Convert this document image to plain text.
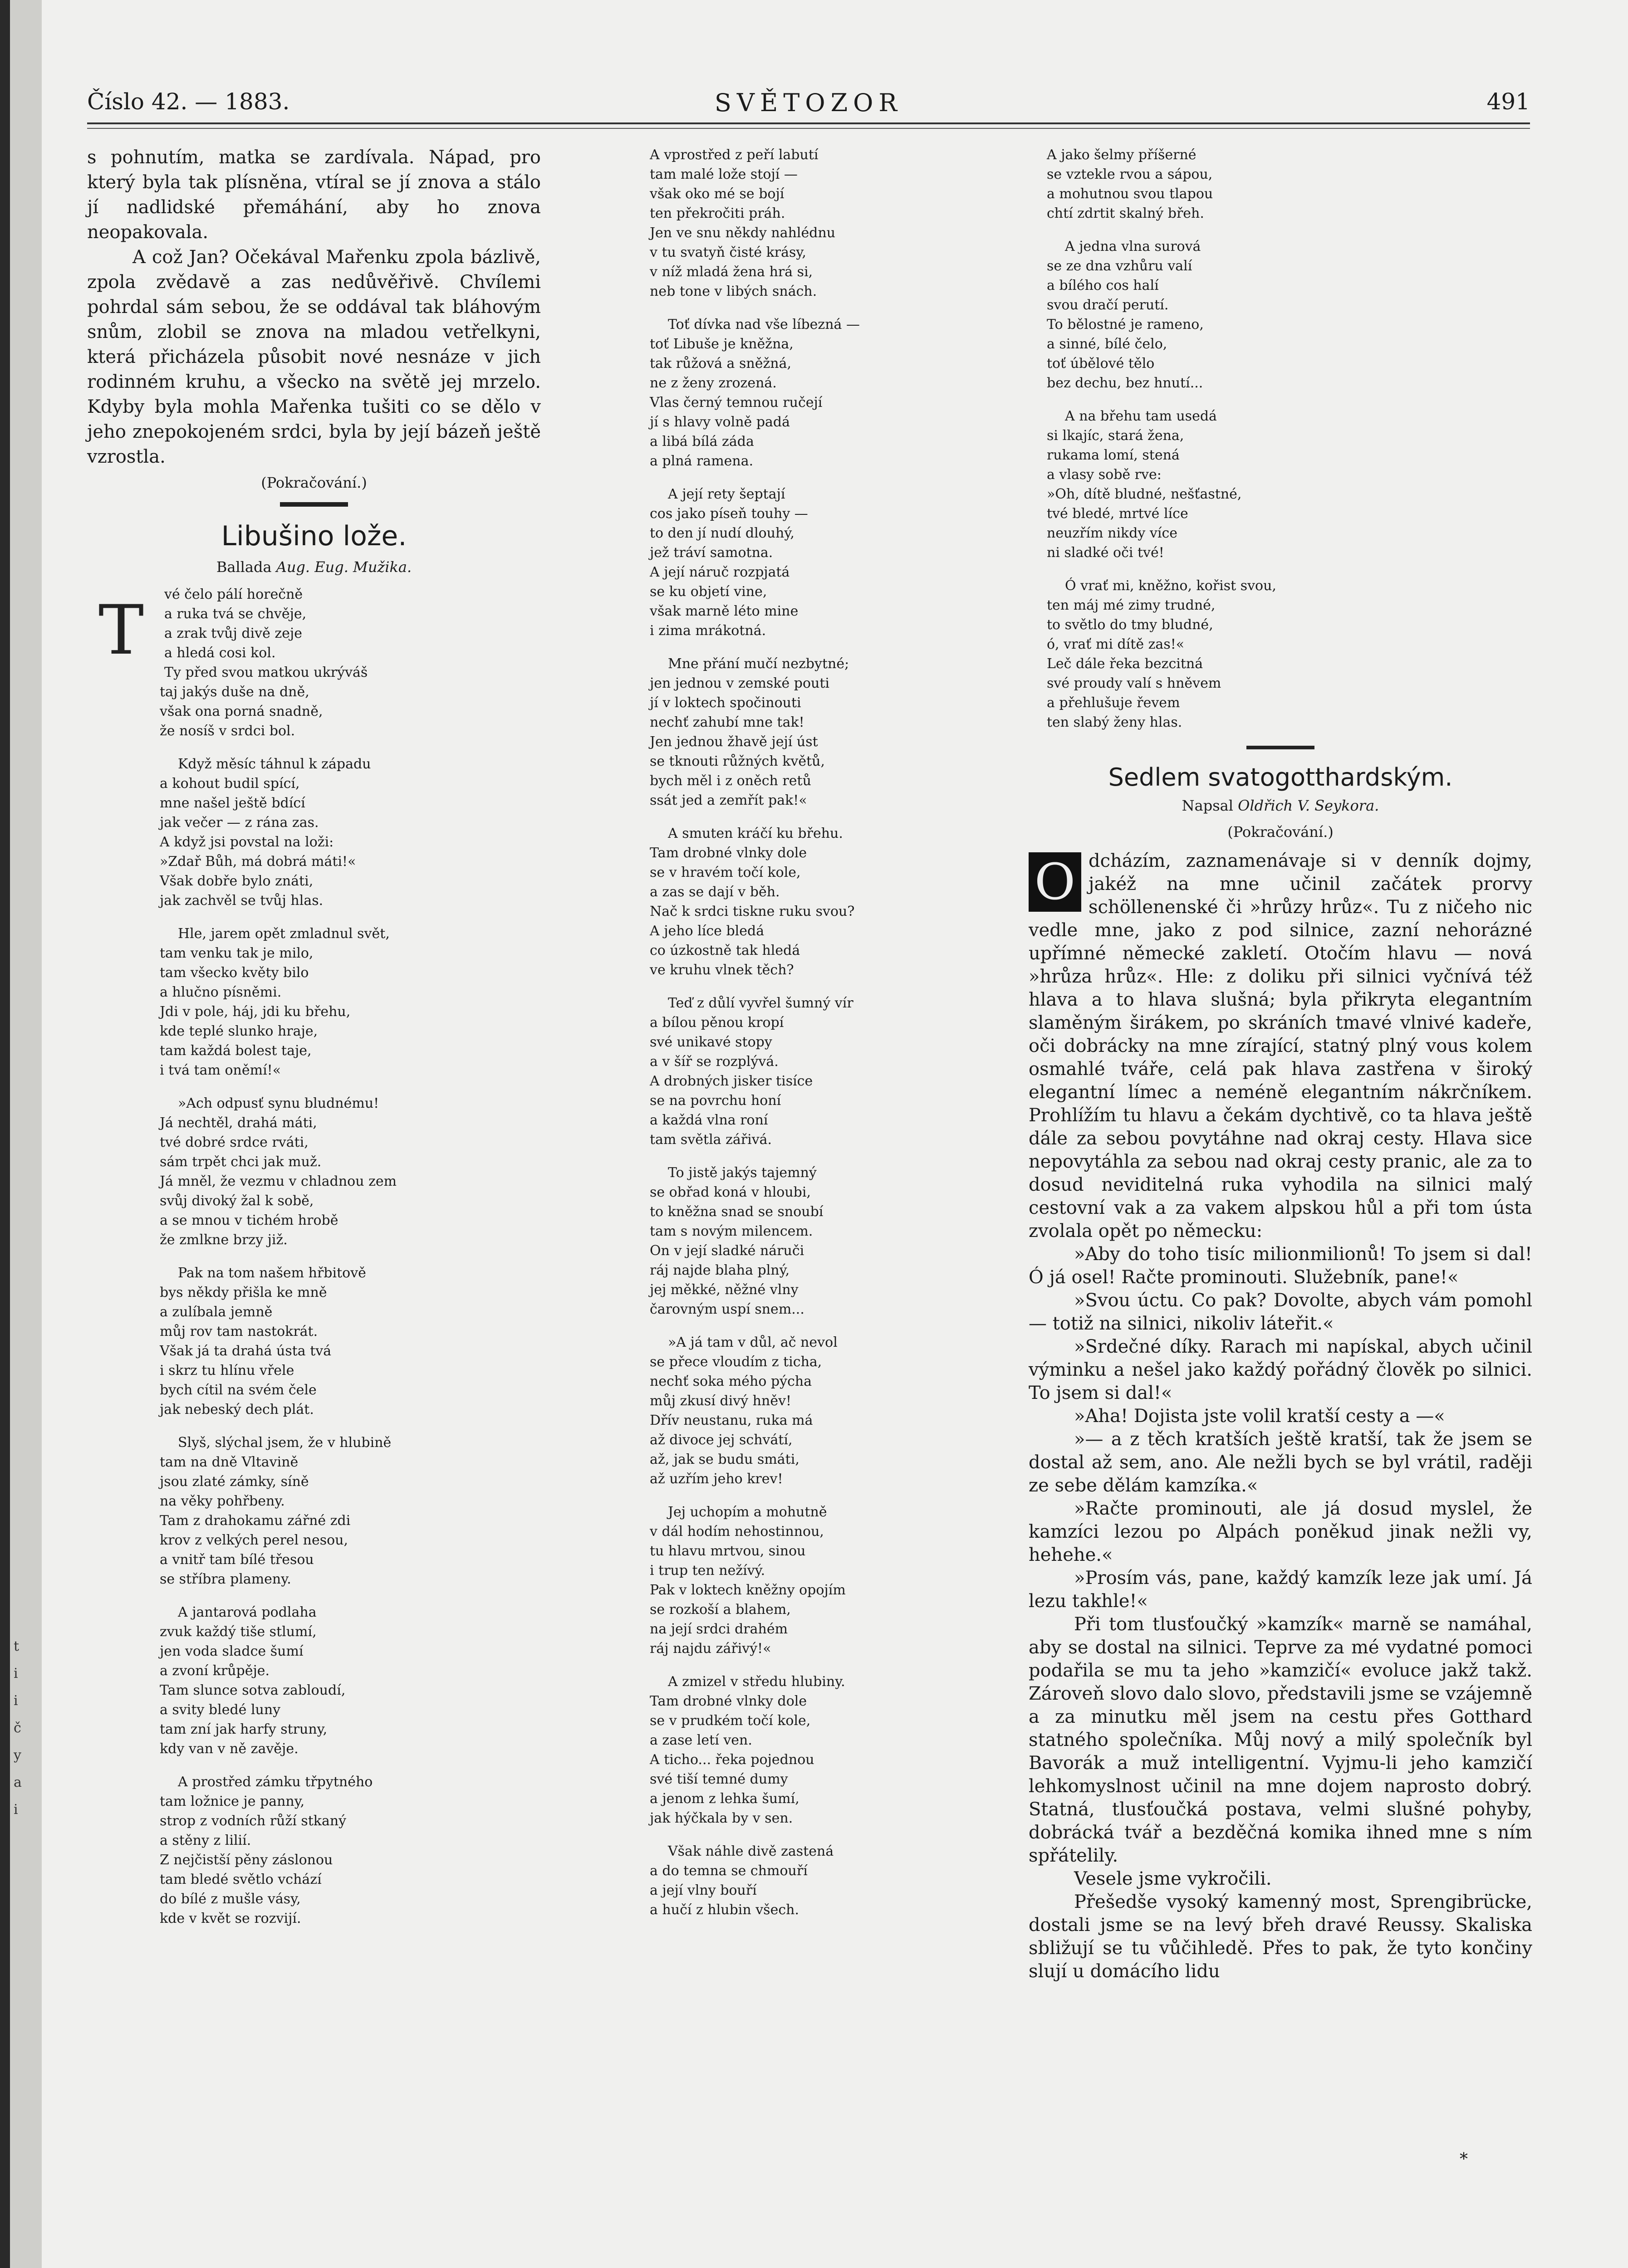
Číslo 42. — 1883.	SVĚTOZOR	491

s pohnutím, matka se zardívala. Nápad, pro který byla tak plísněna, vtíral se jí znova a stálo jí nadlidské přemáhání, aby ho znova neopakovala.

A což Jan? Očekával Mařenku zpola bázlivě, zpola zvědavě a zas nedůvěřivě. Chvílemi pohrdal sám sebou, že se oddával tak bláhovým snům, zlobil se znova na mladou vetřelkyni, která přicházela působit nové nesnáze v jich rodinném kruhu, a všecko na světě jej mrzelo. Kdyby byla mohla Mařenka tušiti co se dělo v jeho znepokojeném srdci, byla by její bázeň ještě vzrostla.

(Pokračování.)
Libušino lože.
Ballada Aug. Eug. Mužika.
T	vé čelo pálí horečně
a ruka tvá se chvěje,
a zrak tvůj divě zeje
a hledá cosi kol.
Ty před svou matkou ukrýváš
taj jakýs duše na dně,
však ona porná snadně,
že nosíš v srdci bol.
Když měsíc táhnul k západu
a kohout budil spící,
mne našel ještě bdící
jak večer — z rána zas.
A když jsi povstal na loži:
»Zdař Bůh, má dobrá máti!«
Však dobře bylo znáti,
jak zachvěl se tvůj hlas.
Hle, jarem opět zmladnul svět,
tam venku tak je milo,
tam všecko květy bilo
a hlučno písněmi.
Jdi v pole, háj, jdi ku břehu,
kde teplé slunko hraje,
tam každá bolest taje,
i tvá tam oněmí!«
»Ach odpusť synu bludnému!
Já nechtěl, drahá máti,
tvé dobré srdce rváti,
sám trpět chci jak muž.
Já mněl, že vezmu v chladnou zem
svůj divoký žal k sobě,
a se mnou v tichém hrobě
že zmlkne brzy již.
Pak na tom našem hřbitově
bys někdy přišla ke mně
a zulíbala jemně
můj rov tam nastokrát.
Však já ta drahá ústa tvá
i skrz tu hlínu vřele
bych cítil na svém čele
jak nebeský dech plát.
Slyš, slýchal jsem, že v hlubině
tam na dně Vltavině
jsou zlaté zámky, síně
na věky pohřbeny.
Tam z drahokamu zářné zdi
krov z velkých perel nesou,
a vnitř tam bílé třesou
se stříbra plameny.
A jantarová podlaha
zvuk každý tiše stlumí,
jen voda sladce šumí
a zvoní krůpěje.
Tam slunce sotva zabloudí,
a svity bledé luny
tam zní jak harfy struny,
kdy van v ně zavěje.
A prostřed zámku třpytného
tam ložnice je panny,
strop z vodních růží stkaný
a stěny z lilií.
Z nejčistší pěny záslonou
tam bledé světlo vchází
do bílé z mušle vásy,
kde v květ se rozvijí.
A vprostřed z peří labutí
tam malé lože stojí —
však oko mé se bojí
ten překročiti práh.
Jen ve snu někdy nahlédnu
v tu svatyň čisté krásy,
v níž mladá žena hrá si,
neb tone v libých snách.
Toť dívka nad vše líbezná —
toť Libuše je kněžna,
tak růžová a sněžná,
ne z ženy zrozená.
Vlas černý temnou ručejí
jí s hlavy volně padá
a libá bílá záda
a plná ramena.
A její rety šeptají
cos jako píseň touhy —
to den jí nudí dlouhý,
jež tráví samotna.
A její náruč rozpjatá
se ku objetí vine,
však marně léto mine
i zima mrákotná.
Mne přání mučí nezbytné;
jen jednou v zemské pouti
jí v loktech spočinouti
nechť zahubí mne tak!
Jen jednou žhavě její úst
se tknouti růžných květů,
bych měl i z oněch retů
ssát jed a zemřít pak!«
A smuten kráčí ku břehu.
Tam drobné vlnky dole
se v hravém točí kole,
a zas se dají v běh.
Nač k srdci tiskne ruku svou?
A jeho líce bledá
co úzkostně tak hledá
ve kruhu vlnek těch?
Teď z důlí vyvřel šumný vír
a bílou pěnou kropí
své unikavé stopy
a v šíř se rozplývá.
A drobných jisker tisíce
se na povrchu honí
a každá vlna roní
tam světla zářivá.
To jistě jakýs tajemný
se obřad koná v hloubi,
to kněžna snad se snoubí
tam s novým milencem.
On v její sladké náruči
ráj najde blaha plný,
jej měkké, něžné vlny
čarovným uspí snem...
»A já tam v důl, ač nevol
se přece vloudím z ticha,
nechť soka mého pýcha
můj zkusí divý hněv!
Dřív neustanu, ruka má
až divoce jej schvátí,
až, jak se budu smáti,
až uzřím jeho krev!
Jej uchopím a mohutně
v dál hodím nehostinnou,
tu hlavu mrtvou, sinou
i trup ten nežívý.
Pak v loktech kněžny opojím
se rozkoší a blahem,
na její srdci drahém
ráj najdu zářivý!«
A zmizel v středu hlubiny.
Tam drobné vlnky dole
se v prudkém točí kole,
a zase letí ven.
A ticho... řeka pojednou
své tiší temné dumy
a jenom z lehka šumí,
jak hýčkala by v sen.
Však náhle divě zastená
a do temna se chmouří
a její vlny bouří
a hučí z hlubin všech.
A jako šelmy příšerné
se vztekle rvou a sápou,
a mohutnou svou tlapou
chtí zdrtit skalný břeh.
A jedna vlna surová
se ze dna vzhůru valí
a bílého cos halí
svou dračí perutí.
To bělostné je rameno,
a sinné, bílé čelo,
toť úbělové tělo
bez dechu, bez hnutí...
A na břehu tam usedá
si lkajíc, stará žena,
rukama lomí, stená
a vlasy sobě rve:
»Oh, dítě bludné, nešťastné,
tvé bledé, mrtvé líce
neuzřím nikdy více
ni sladké oči tvé!
Ó vrať mi, kněžno, kořist svou,
ten máj mé zimy trudné,
to světlo do tmy bludné,
ó, vrať mi dítě zas!«
Leč dále řeka bezcitná
své proudy valí s hněvem
a přehlušuje řevem
ten slabý ženy hlas.
Sedlem svatogotthardským.
Napsal Oldřich V. Seykora.
(Pokračování.)
O dcházím, zaznamenávaje si v denník dojmy, jakéž na mne učinil začátek prorvy schöllenenské či »hrůzy hrůz«. Tu z ničeho nic vedle mne, jako z pod silnice, zazní nehorázné upřímné německé zakletí. Otočím hlavu — nová »hrůza hrůz«. Hle: z doliku při silnici vyčnívá též hlava a to hlava slušná; byla přikryta elegantním slaměným širákem, po skráních tmavé vlnivé kadeře, oči dobrácky na mne zírající, statný plný vous kolem osmahlé tváře, celá pak hlava zastřena v široký elegantní límec a neméně elegantním nákrčníkem. Prohlížím tu hlavu a čekám dychtivě, co ta hlava ještě dále za sebou povytáhne nad okraj cesty. Hlava sice nepovytáhla za sebou nad okraj cesty pranic, ale za to dosud neviditelná ruka vyhodila na silnici malý cestovní vak a za vakem alpskou hůl a při tom ústa zvolala opět po německu:

»Aby do toho tisíc milionmilionů! To jsem si dal! Ó já osel! Račte prominouti. Služebník, pane!«

»Svou úctu. Co pak? Dovolte, abych vám pomohl — totiž na silnici, nikoliv láteřit.«

»Srdečné díky. Rarach mi napískal, abych učinil výminku a nešel jako každý pořádný člověk po silnici. To jsem si dal!«

»Aha! Dojista jste volil kratší cesty a —«

»— a z těch kratších ještě kratší, tak že jsem se dostal až sem, ano. Ale nežli bych se byl vrátil, raději ze sebe dělám kamzíka.«

»Račte prominouti, ale já dosud myslel, že kamzíci lezou po Alpách poněkud jinak nežli vy, hehehe.«

»Prosím vás, pane, každý kamzík leze jak umí. Já lezu takhle!«

Při tom tlusťoučký »kamzík« marně se namáhal, aby se dostal na silnici. Teprve za mé vydatné pomoci podařila se mu ta jeho »kamzičí« evoluce jakž takž. Zároveň slovo dalo slovo, představili jsme se vzájemně a za minutku měl jsem na cestu přes Gotthard statného společníka. Můj nový a milý společník byl Bavorák a muž intelligentní. Vyjmu-li jeho kamzičí lehkomyslnost učinil na mne dojem naprosto dobrý. Statná, tlusťoučká postava, velmi slušné pohyby, dobrácká tvář a bezděčná komika ihned mne s ním spřátelily.

Vesele jsme vykročili.

Přešedše vysoký kamenný most, Sprengibrücke, dostali jsme se na levý břeh dravé Reussy. Skaliska sbližují se tu vůčihledě. Přes to pak, že tyto končiny slují u domácího lidu

*
t
i
i
č
y
a
i
